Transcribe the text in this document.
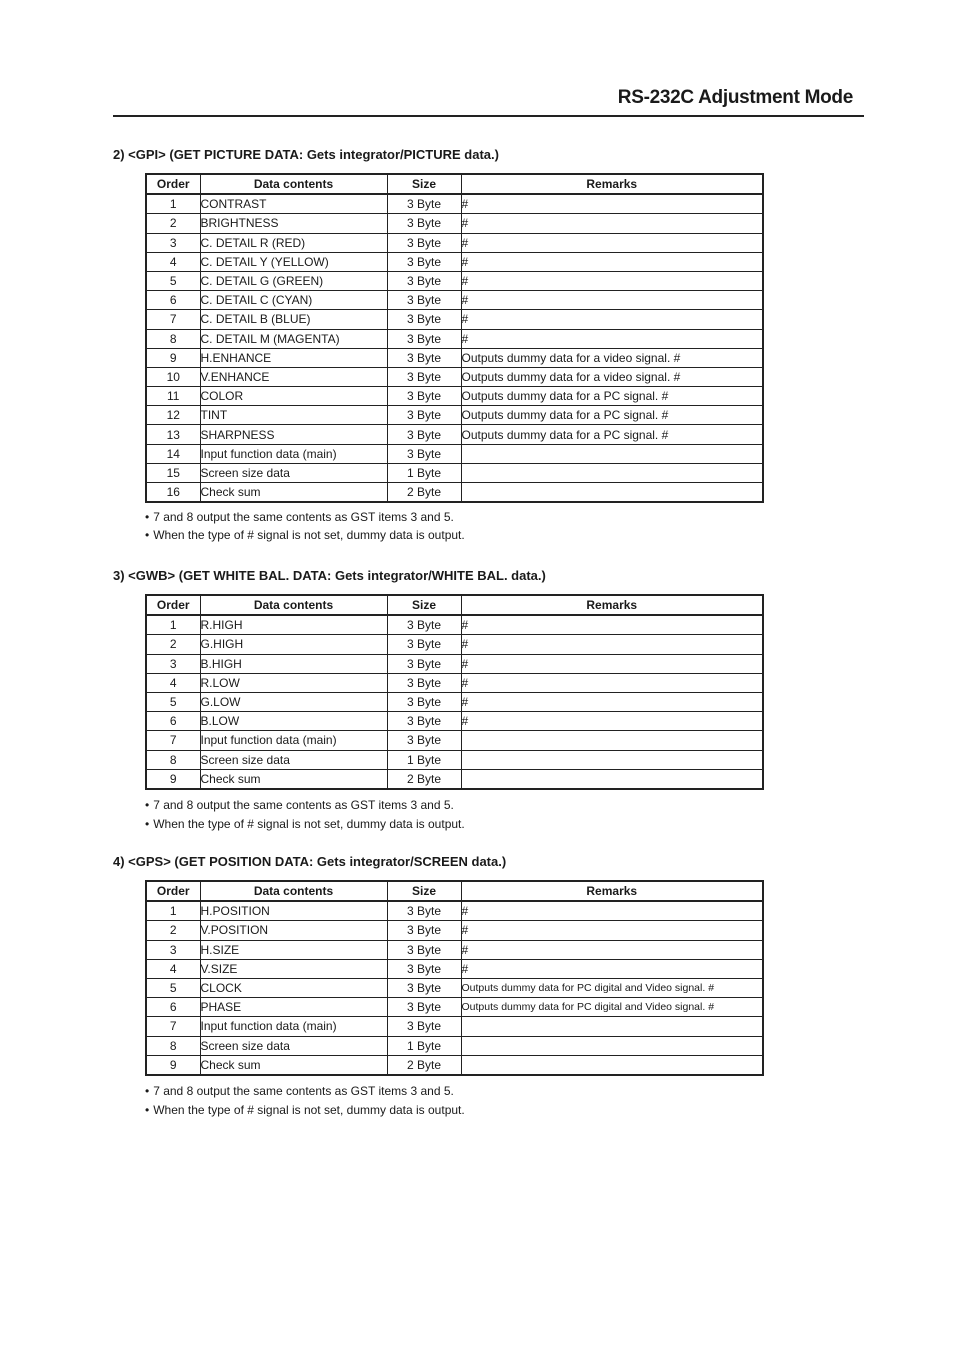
RS-232C Adjustment Mode
2) <GPI> (GET PICTURE DATA: Gets integrator/PICTURE data.)
Order	Data contents	Size	Remarks
1	CONTRAST	3 Byte	#
2	BRIGHTNESS	3 Byte	#
3	C. DETAIL R (RED)	3 Byte	#
4	C. DETAIL Y (YELLOW)	3 Byte	#
5	C. DETAIL G (GREEN)	3 Byte	#
6	C. DETAIL C (CYAN)	3 Byte	#
7	C. DETAIL B (BLUE)	3 Byte	#
8	C. DETAIL M (MAGENTA)	3 Byte	#
9	H.ENHANCE	3 Byte	Outputs dummy data for a video signal. #
10	V.ENHANCE	3 Byte	Outputs dummy data for a video signal. #
11	COLOR	3 Byte	Outputs dummy data for a PC signal. #
12	TINT	3 Byte	Outputs dummy data for a PC signal. #
13	SHARPNESS	3 Byte	Outputs dummy data for a PC signal. #
14	Input function data (main)	3 Byte	
15	Screen size data	1 Byte	
16	Check sum	2 Byte	
• 7 and 8 output the same contents as GST items 3 and 5.
• When the type of # signal is not set, dummy data is output.
3) <GWB> (GET WHITE BAL. DATA: Gets integrator/WHITE BAL. data.)
Order	Data contents	Size	Remarks
1	R.HIGH	3 Byte	#
2	G.HIGH	3 Byte	#
3	B.HIGH	3 Byte	#
4	R.LOW	3 Byte	#
5	G.LOW	3 Byte	#
6	B.LOW	3 Byte	#
7	Input function data (main)	3 Byte	
8	Screen size data	1 Byte	
9	Check sum	2 Byte	
• 7 and 8 output the same contents as GST items 3 and 5.
• When the type of # signal is not set, dummy data is output.
4) <GPS> (GET POSITION DATA: Gets integrator/SCREEN data.)
Order	Data contents	Size	Remarks
1	H.POSITION	3 Byte	#
2	V.POSITION	3 Byte	#
3	H.SIZE	3 Byte	#
4	V.SIZE	3 Byte	#
5	CLOCK	3 Byte	Outputs dummy data for PC digital and Video signal. #
6	PHASE	3 Byte	Outputs dummy data for PC digital and Video signal. #
7	Input function data (main)	3 Byte	
8	Screen size data	1 Byte	
9	Check sum	2 Byte	
• 7 and 8 output the same contents as GST items 3 and 5.
• When the type of # signal is not set, dummy data is output.
